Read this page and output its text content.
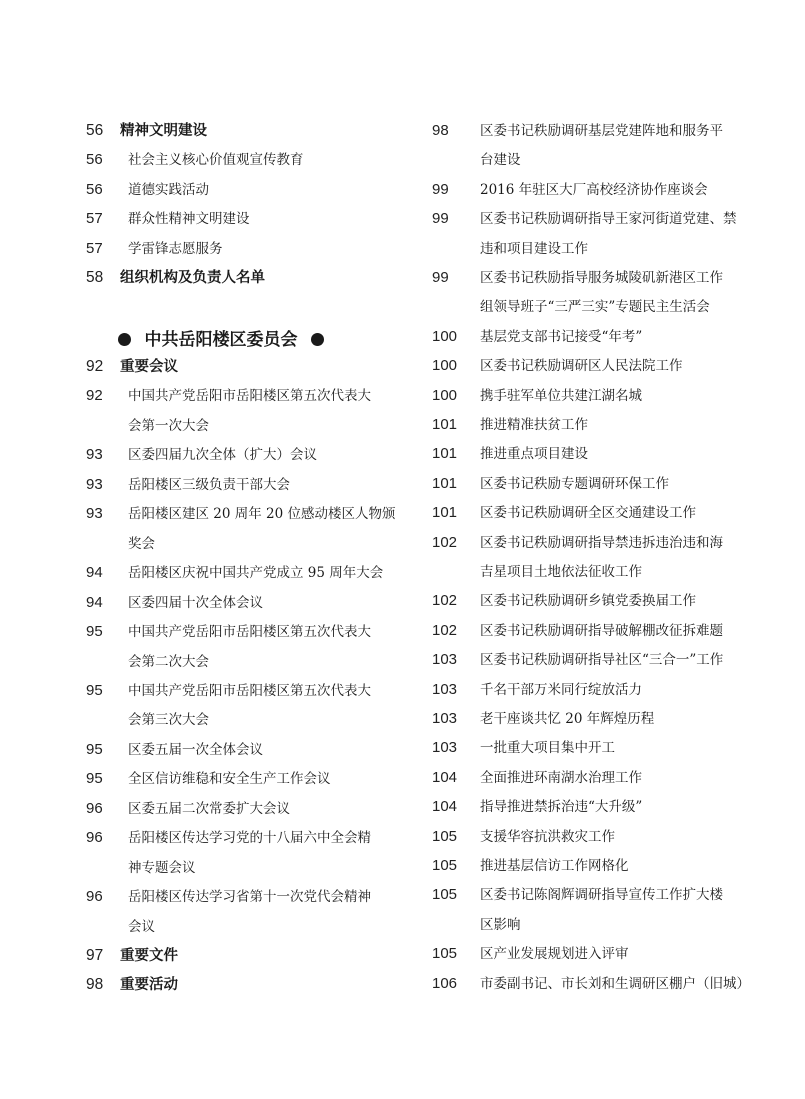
56	精神文明建设
56	社会主义核心价值观宣传教育
56	道德实践活动
57	群众性精神文明建设
57	学雷锋志愿服务
58	组织机构及负责人名单
中共岳阳楼区委员会
92	重要会议
92	中国共产党岳阳市岳阳楼区第五次代表大
会第一次大会
93	区委四届九次全体（扩大）会议
93	岳阳楼区三级负责干部大会
93	岳阳楼区建区 20 周年 20 位感动楼区人物颁
奖会
94	岳阳楼区庆祝中国共产党成立 95 周年大会
94	区委四届十次全体会议
95	中国共产党岳阳市岳阳楼区第五次代表大
会第二次大会
95	中国共产党岳阳市岳阳楼区第五次代表大
会第三次大会
95	区委五届一次全体会议
95	全区信访维稳和安全生产工作会议
96	区委五届二次常委扩大会议
96	岳阳楼区传达学习党的十八届六中全会精
神专题会议
96	岳阳楼区传达学习省第十一次党代会精神
会议
97	重要文件
98	重要活动
98	区委书记秩励调研基层党建阵地和服务平
台建设
99	2016 年驻区大厂高校经济协作座谈会
99	区委书记秩励调研指导王家河街道党建、禁
违和项目建设工作
99	区委书记秩励指导服务城陵矶新港区工作
组领导班子“三严三实”专题民主生活会
100	基层党支部书记接受“年考”
100	区委书记秩励调研区人民法院工作
100	携手驻军单位共建江湖名城
101	推进精准扶贫工作
101	推进重点项目建设
101	区委书记秩励专题调研环保工作
101	区委书记秩励调研全区交通建设工作
102	区委书记秩励调研指导禁违拆违治违和海
吉星项目土地依法征收工作
102	区委书记秩励调研乡镇党委换届工作
102	区委书记秩励调研指导破解棚改征拆难题
103	区委书记秩励调研指导社区“三合一”工作
103	千名干部万米同行绽放活力
103	老干座谈共忆 20 年辉煌历程
103	一批重大项目集中开工
104	全面推进环南湖水治理工作
104	指导推进禁拆治违“大升级”
105	支援华容抗洪救灾工作
105	推进基层信访工作网格化
105	区委书记陈阁辉调研指导宣传工作扩大楼
区影响
105	区产业发展规划进入评审
106	市委副书记、市长刘和生调研区棚户（旧城）
